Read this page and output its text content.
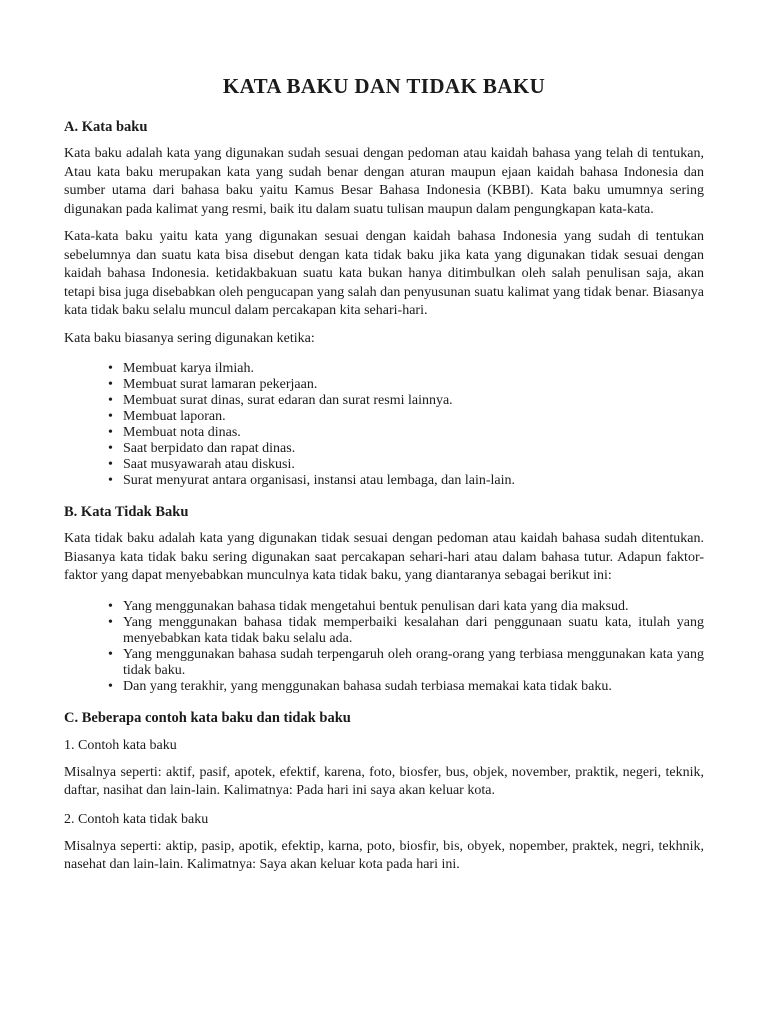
KATA BAKU DAN TIDAK BAKU
A. Kata baku

Kata baku adalah kata yang digunakan sudah sesuai dengan pedoman atau kaidah bahasa yang telah di tentukan, Atau kata baku merupakan kata yang sudah benar dengan aturan maupun ejaan kaidah bahasa Indonesia dan sumber utama dari bahasa baku yaitu Kamus Besar Bahasa Indonesia (KBBI). Kata baku umumnya sering digunakan pada kalimat yang resmi, baik itu dalam suatu tulisan maupun dalam pengungkapan kata-kata.

Kata-kata baku yaitu kata yang digunakan sesuai dengan kaidah bahasa Indonesia yang sudah di tentukan sebelumnya dan suatu kata bisa disebut dengan kata tidak baku jika kata yang digunakan tidak sesuai dengan kaidah bahasa Indonesia. ketidakbakuan suatu kata bukan hanya ditimbulkan oleh salah penulisan saja, akan tetapi bisa juga disebabkan oleh pengucapan yang salah dan penyusunan suatu kalimat yang tidak benar. Biasanya kata tidak baku selalu muncul dalam percakapan kita sehari-hari.

Kata baku biasanya sering digunakan ketika:

• Membuat karya ilmiah.
• Membuat surat lamaran pekerjaan.
• Membuat surat dinas, surat edaran dan surat resmi lainnya.
• Membuat laporan.
• Membuat nota dinas.
• Saat berpidato dan rapat dinas.
• Saat musyawarah atau diskusi.
• Surat menyurat antara organisasi, instansi atau lembaga, dan lain-lain.
B. Kata Tidak Baku

Kata tidak baku adalah kata yang digunakan tidak sesuai dengan pedoman atau kaidah bahasa sudah ditentukan. Biasanya kata tidak baku sering digunakan saat percakapan sehari-hari atau dalam bahasa tutur. Adapun faktor-faktor yang dapat menyebabkan munculnya kata tidak baku, yang diantaranya sebagai berikut ini:

• Yang menggunakan bahasa tidak mengetahui bentuk penulisan dari kata yang dia maksud.
• Yang menggunakan bahasa tidak memperbaiki kesalahan dari penggunaan suatu kata, itulah yang menyebabkan kata tidak baku selalu ada.
• Yang menggunakan bahasa sudah terpengaruh oleh orang-orang yang terbiasa menggunakan kata yang tidak baku.
• Dan yang terakhir, yang menggunakan bahasa sudah terbiasa memakai kata tidak baku.
C. Beberapa contoh kata baku dan tidak baku

1. Contoh kata baku

Misalnya seperti: aktif, pasif, apotek, efektif, karena, foto, biosfer, bus, objek, november, praktik, negeri, teknik, daftar, nasihat dan lain-lain. Kalimatnya: Pada hari ini saya akan keluar kota.

2. Contoh kata tidak baku

Misalnya seperti: aktip, pasip, apotik, efektip, karna, poto, biosfir, bis, obyek, nopember, praktek, negri, tekhnik, nasehat dan lain-lain. Kalimatnya: Saya akan keluar kota pada hari ini.
